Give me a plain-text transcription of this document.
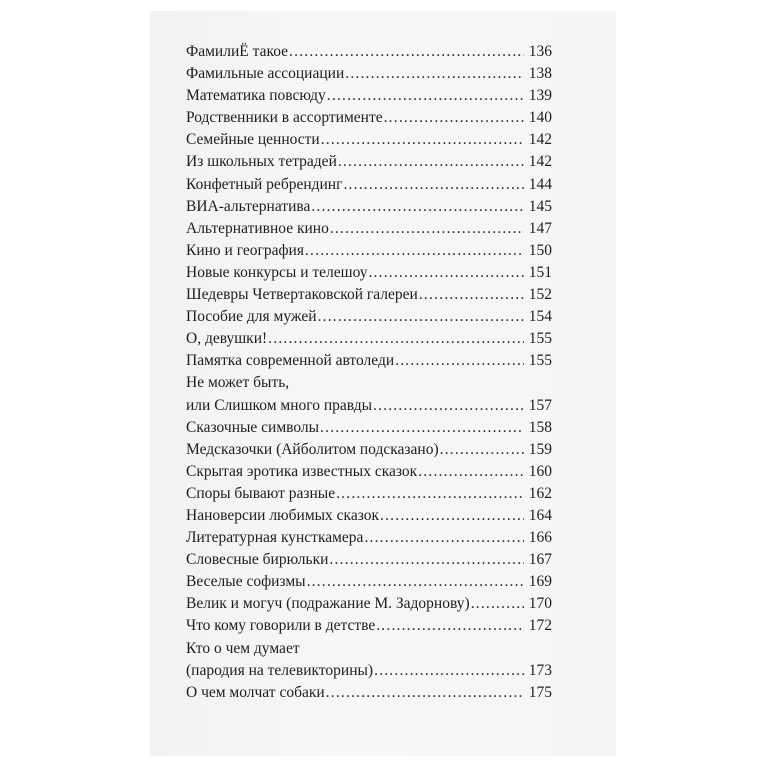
ФамилиЁ такое .....	136
Фамильные ассоциации .....	138
Математика повсюду .....	139
Родственники в ассортименте .....	140
Семейные ценности .....	142
Из школьных тетрадей .....	142
Конфетный ребрендинг .....	144
ВИА-альтернатива .....	145
Альтернативное кино .....	147
Кино и география .....	150
Новые конкурсы и телешоу .....	151
Шедевры Четвертаковской галереи .....	152
Пособие для мужей .....	154
О, девушки! .....	155
Памятка современной автоледи .....	155
Не может быть,
или Слишком много правды .....	157
Сказочные символы .....	158
Медсказочки (Айболитом подсказано) .....	159
Скрытая эротика известных сказок .....	160
Споры бывают разные .....	162
Нановерсии любимых сказок .....	164
Литературная кунсткамера .....	166
Словесные бирюльки .....	167
Веселые софизмы .....	169
Велик и могуч (подражание М. Задорнову) .....	170
Что кому говорили в детстве .....	172
Кто о чем думает
(пародия на телевикторины) .....	173
О чем молчат собаки .....	175
